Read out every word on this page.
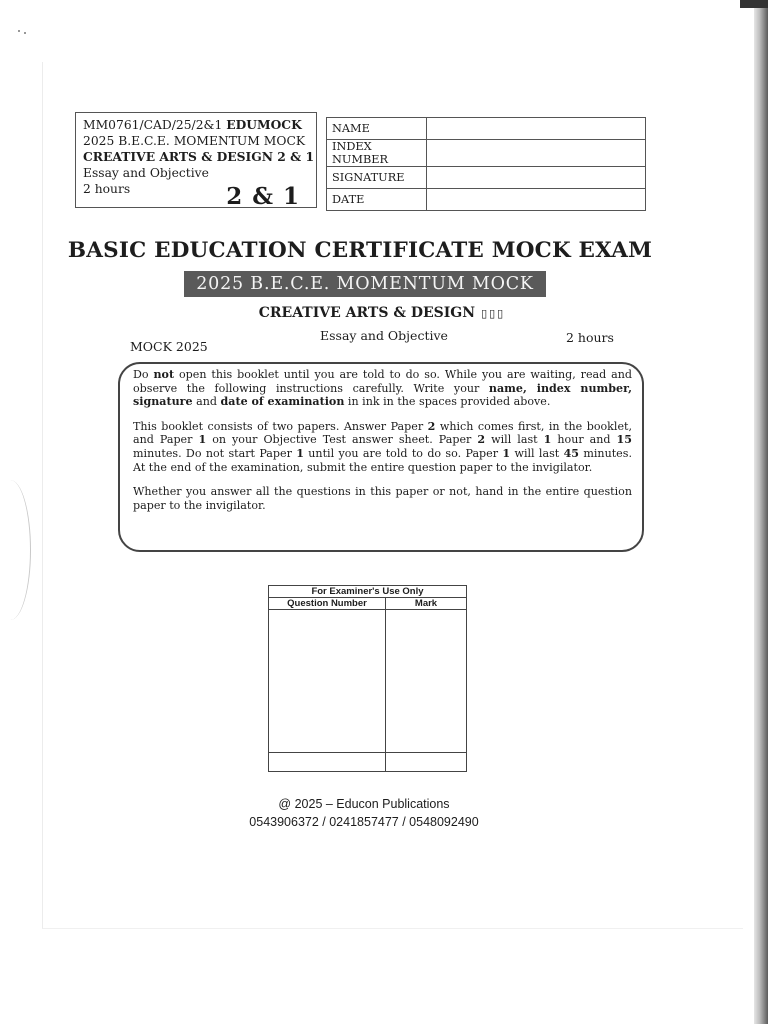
MM0761/CAD/25/2&1 EDUMOCK
2025 B.E.C.E. MOMENTUM MOCK
CREATIVE ARTS & DESIGN 2 & 1
Essay and Objective
2 hours	2 & 1
NAME	
INDEX NUMBER	
SIGNATURE	
DATE	
BASIC EDUCATION CERTIFICATE MOCK EXAM
2025 B.E.C.E. MOMENTUM MOCK
CREATIVE ARTS & DESIGN ▯▯▯
Essay and Objective	2 hours
MOCK 2025

Do not open this booklet until you are told to do so. While you are waiting, read and observe the following instructions carefully. Write your name, index number, signature and date of examination in ink in the spaces provided above.

This booklet consists of two papers. Answer Paper 2 which comes first, in the booklet, and Paper 1 on your Objective Test answer sheet. Paper 2 will last 1 hour and 15 minutes. Do not start Paper 1 until you are told to do so. Paper 1 will last 45 minutes. At the end of the examination, submit the entire question paper to the invigilator.

Whether you answer all the questions in this paper or not, hand in the entire question paper to the invigilator.

For Examiner's Use Only	
Question Number	Mark

@ 2025 – Educon Publications
0543906372 / 0241857477 / 0548092490
